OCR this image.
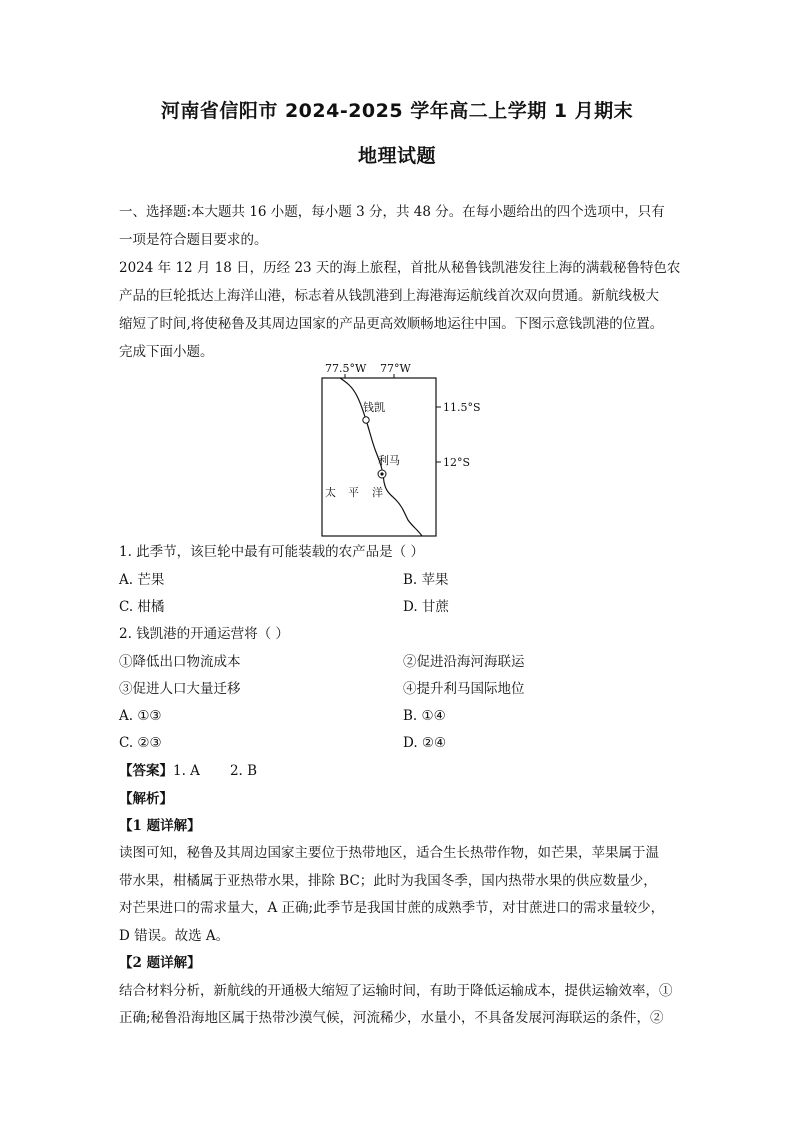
河南省信阳市 2024-2025 学年高二上学期 1 月期末
地理试题
一、选择题:本大题共 16 小题，每小题 3 分，共 48 分。在每小题给出的四个选项中，只有
一项是符合题目要求的。
2024 年 12 月 18 日，历经 23 天的海上旅程，首批从秘鲁钱凯港发往上海的满载秘鲁特色农
产品的巨轮抵达上海洋山港，标志着从钱凯港到上海港海运航线首次双向贯通。新航线极大
缩短了时间,将使秘鲁及其周边国家的产品更高效顺畅地运往中国。下图示意钱凯港的位置。
完成下面小题。
77.5°W 77°W
11.5°S
12°S
钱凯
利马
太 平 洋
1. 此季节，该巨轮中最有可能装载的农产品是（ ）
A. 芒果	B. 苹果
C. 柑橘	D. 甘蔗
2. 钱凯港的开通运营将（ ）
①降低出口物流成本	②促进沿海河海联运
③促进人口大量迁移	④提升利马国际地位
A. ①③	B. ①④
C. ②③	D. ②④
【答案】1. A       2. B
【解析】
【1 题详解】
读图可知，秘鲁及其周边国家主要位于热带地区，适合生长热带作物，如芒果，苹果属于温
带水果，柑橘属于亚热带水果，排除 BC；此时为我国冬季，国内热带水果的供应数量少，
对芒果进口的需求量大，A 正确;此季节是我国甘蔗的成熟季节，对甘蔗进口的需求量较少，
D 错误。故选 A。
【2 题详解】
结合材料分析，新航线的开通极大缩短了运输时间，有助于降低运输成本，提供运输效率，①
正确;秘鲁沿海地区属于热带沙漠气候，河流稀少，水量小，不具备发展河海联运的条件，②
